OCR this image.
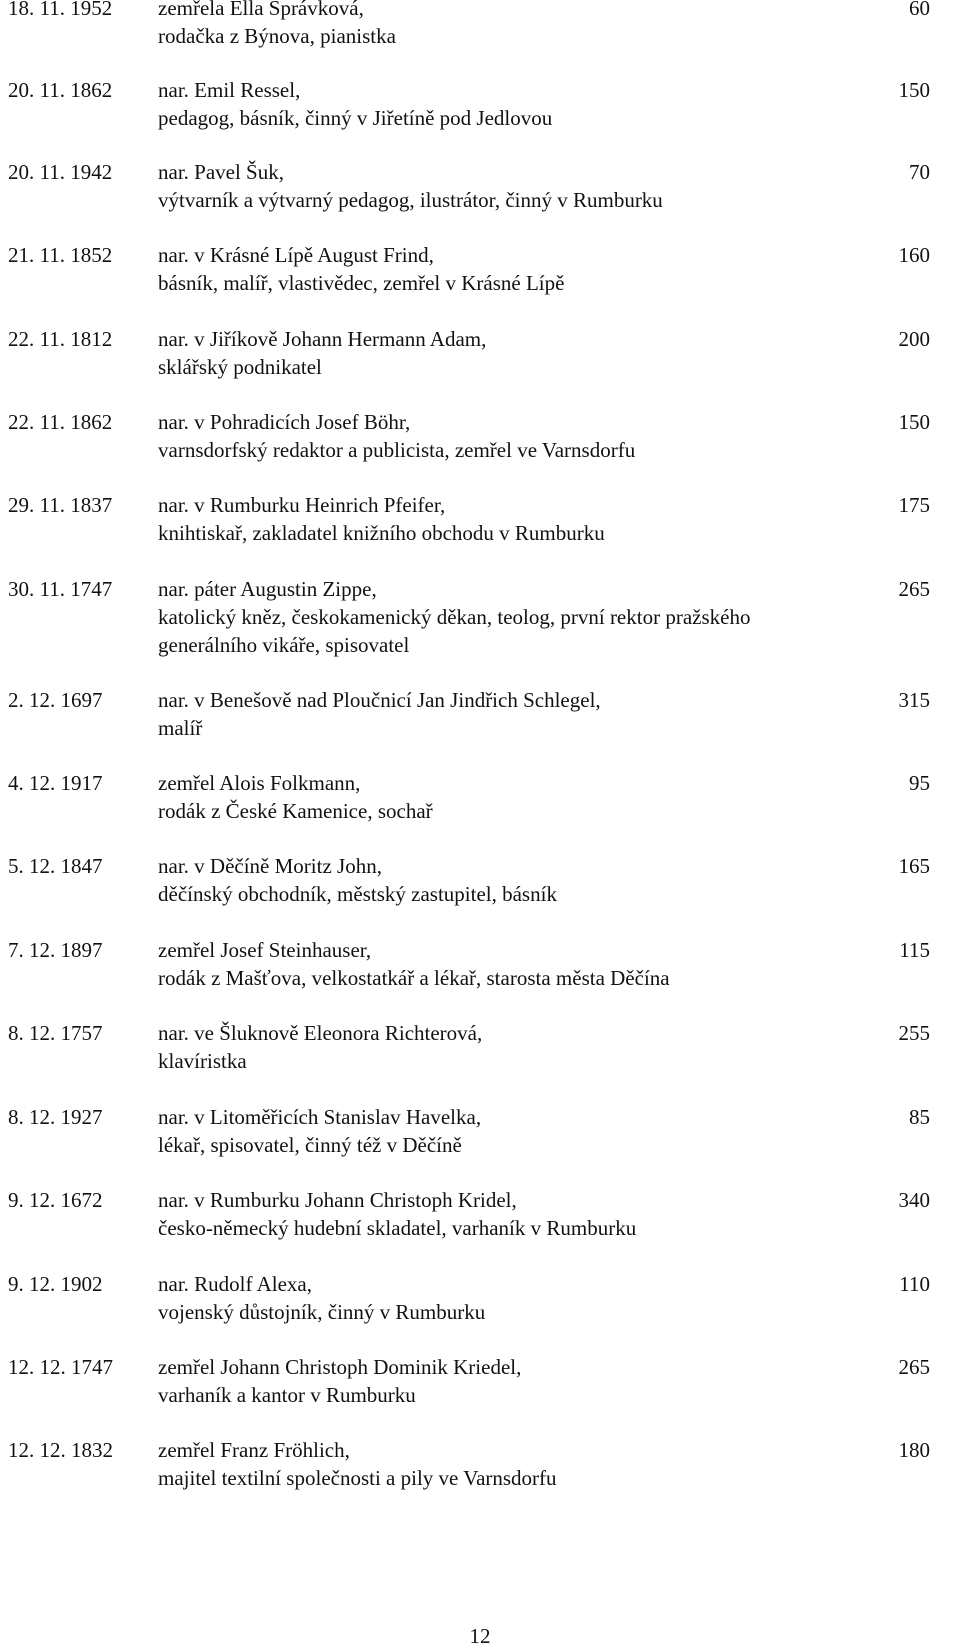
18. 11. 1952 zemřela Ella Správková,
rodačka z Býnova, pianistka
60
20. 11. 1862 nar. Emil Ressel,
pedagog, básník, činný v Jiřetíně pod Jedlovou
150
20. 11. 1942 nar. Pavel Šuk,
výtvarník a výtvarný pedagog, ilustrátor, činný v Rumburku
70
21. 11. 1852 nar. v Krásné Lípě August Frind,
básník, malíř, vlastivědec, zemřel v Krásné Lípě
160
22. 11. 1812 nar. v Jiříkově Johann Hermann Adam,
sklářský podnikatel
200
22. 11. 1862 nar. v Pohradicích Josef Böhr,
varnsdorfský redaktor a publicista, zemřel ve Varnsdorfu
150
29. 11. 1837 nar. v Rumburku Heinrich Pfeifer,
knihtiskař, zakladatel knižního obchodu v Rumburku
175
30. 11. 1747 nar. páter Augustin Zippe,
katolický kněz, českokamenický děkan, teolog, první rektor pražského
generálního vikáře, spisovatel
265
2. 12. 1697	nar. v Benešově nad Ploučnicí Jan Jindřich Schlegel,
malíř
315
4. 12. 1917	zemřel Alois Folkmann,
rodák z České Kamenice, sochař
95
5. 12. 1847	nar. v Děčíně Moritz John,
děčínský obchodník, městský zastupitel, básník
165
7. 12. 1897	zemřel Josef Steinhauser,
rodák z Mašťova, velkostatkář a lékař, starosta města Děčína
115
8. 12. 1757	nar. ve Šluknově Eleonora Richterová,
klavíristka
255
8. 12. 1927	nar. v Litoměřicích Stanislav Havelka,
lékař, spisovatel, činný též v Děčíně
85
9. 12. 1672	nar. v Rumburku Johann Christoph Kridel,
česko-německý hudební skladatel, varhaník v Rumburku
340
9. 12. 1902	nar. Rudolf Alexa,
vojenský důstojník, činný v Rumburku
110
12. 12. 1747 zemřel Johann Christoph Dominik Kriedel,
varhaník a kantor v Rumburku
265
12. 12. 1832 zemřel Franz Fröhlich,
majitel textilní společnosti a pily ve Varnsdorfu
180
12
